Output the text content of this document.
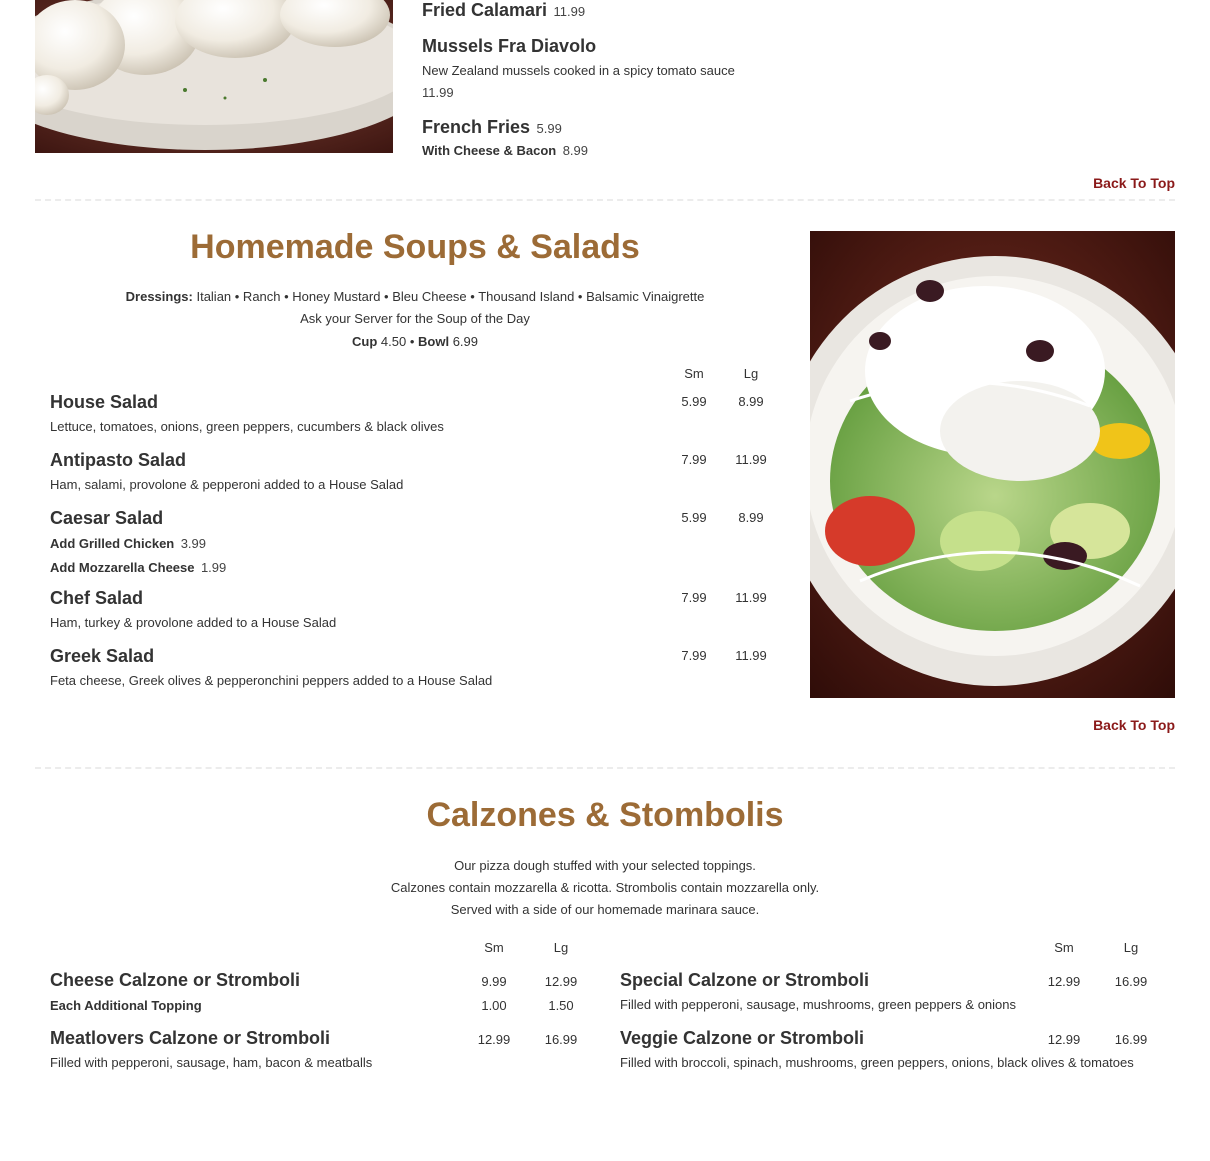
Fried Calamari 11.99
Mussels Fra Diavolo
New Zealand mussels cooked in a spicy tomato sauce
11.99
French Fries 5.99
With Cheese & Bacon 8.99
Back To Top
Homemade Soups & Salads
Dressings: Italian • Ranch • Honey Mustard • Bleu Cheese • Thousand Island • Balsamic Vinaigrette
Ask your Server for the Soup of the Day
Cup 4.50 • Bowl 6.99
Sm	Lg
House Salad
Lettuce, tomatoes, onions, green peppers, cucumbers & black olives
5.99	8.99
Antipasto Salad
Ham, salami, provolone & pepperoni added to a House Salad
7.99	11.99
Caesar Salad
Add Grilled Chicken 3.99
Add Mozzarella Cheese 1.99
5.99	8.99
Chef Salad
Ham, turkey & provolone added to a House Salad
7.99	11.99
Greek Salad
Feta cheese, Greek olives & pepperonchini peppers added to a House Salad
7.99	11.99
Back To Top
Calzones & Stombolis
Our pizza dough stuffed with your selected toppings.
Calzones contain mozzarella & ricotta. Strombolis contain mozzarella only.
Served with a side of our homemade marinara sauce.
Sm	Lg	Sm	Lg
Cheese Calzone or Stromboli	9.99	12.99
Each Additional Topping	1.00	1.50
Meatlovers Calzone or Stromboli
Filled with pepperoni, sausage, ham, bacon & meatballs
12.99	16.99
Special Calzone or Stromboli
Filled with pepperoni, sausage, mushrooms, green peppers & onions
12.99	16.99
Veggie Calzone or Stromboli
Filled with broccoli, spinach, mushrooms, green peppers, onions, black olives & tomatoes
12.99	16.99
